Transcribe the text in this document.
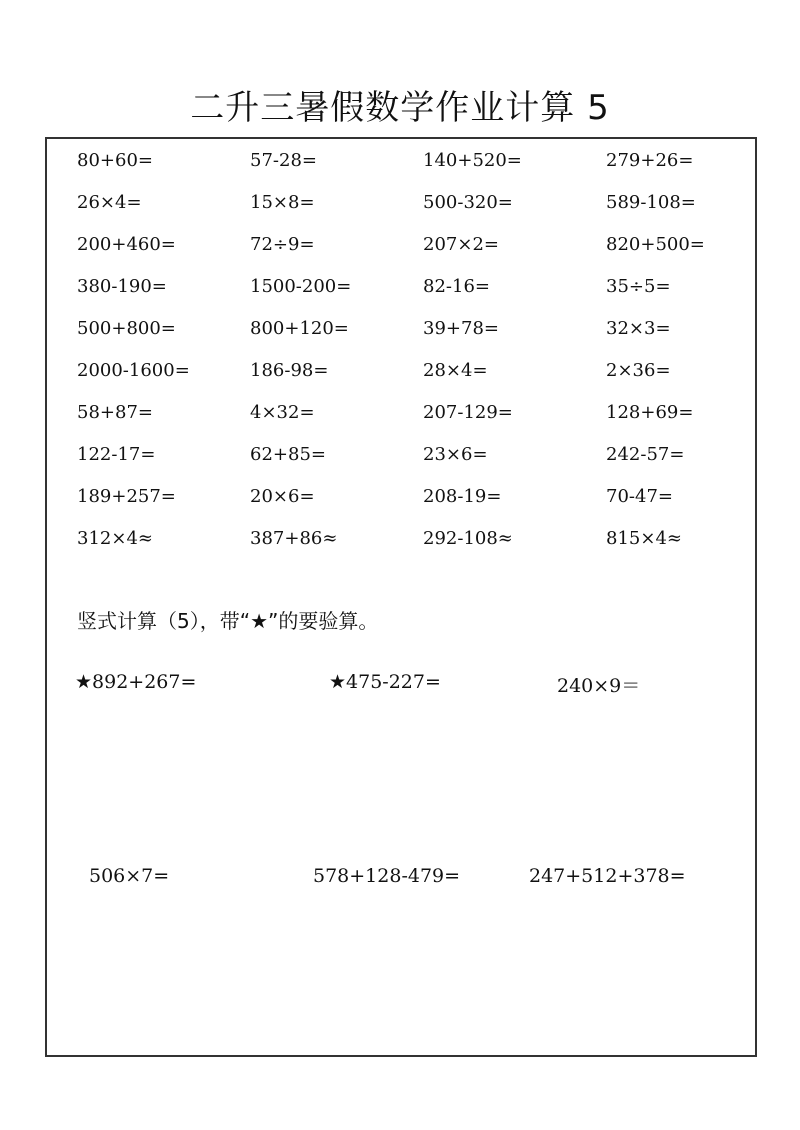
二升三暑假数学作业计算 5
80+60=	57-28=	140+520=	279+26=
26×4=	15×8=	500-320=	589-108=
200+460=	72÷9=	207×2=	820+500=
380-190=	1500-200=	82-16=	35÷5=
500+800=	800+120=	39+78=	32×3=
2000-1600=	186-98=	28×4=	2×36=
58+87=	4×32=	207-129=	128+69=
122-17=	62+85=	23×6=	242-57=
189+257=	20×6=	208-19=	70-47=
312×4≈	387+86≈	292-108≈	815×4≈
竖式计算（5），带“★”的要验算。
★892+267=	★475-227=	240×9＝
506×7=	578+128-479=	247+512+378=
